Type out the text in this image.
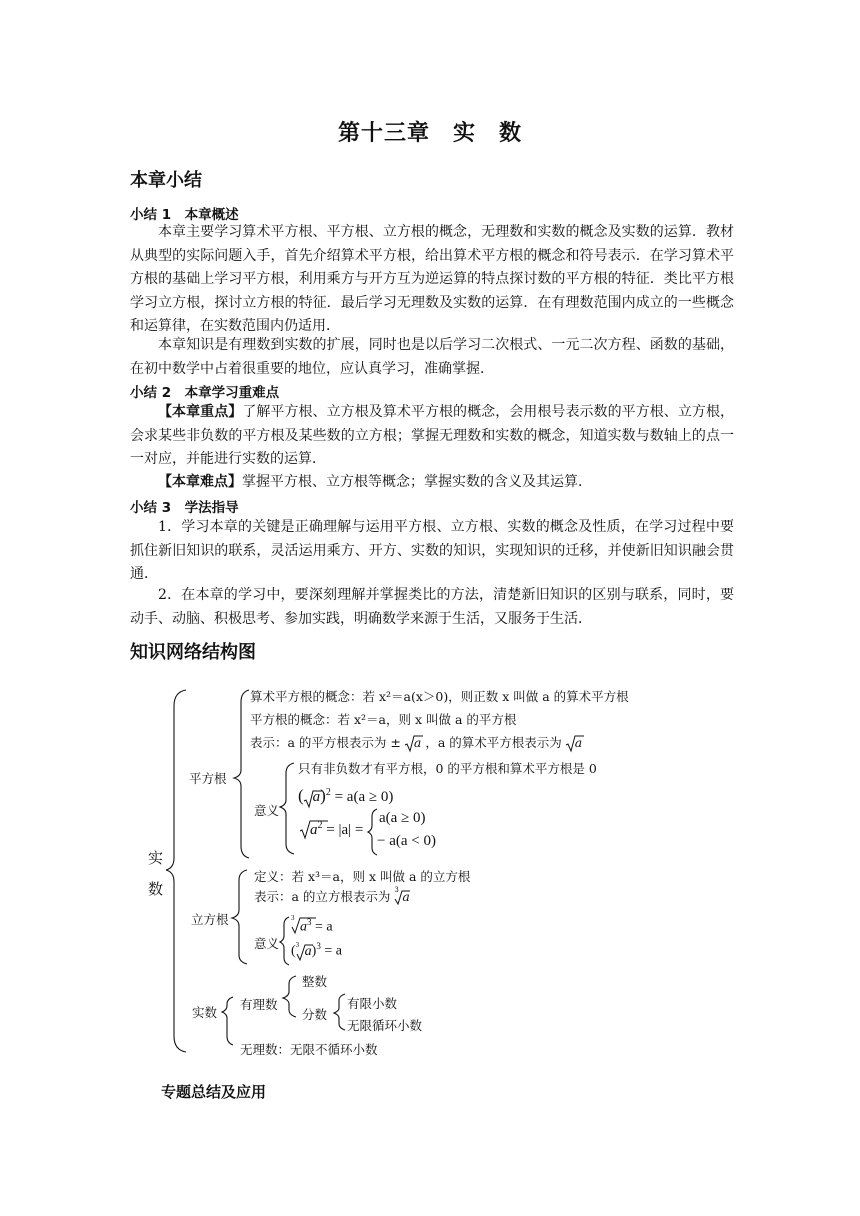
第十三章　实　数
本章小结
小结 1　本章概述
本章主要学习算术平方根、平方根、立方根的概念，无理数和实数的概念及实数的运算．教材从典型的实际问题入手，首先介绍算术平方根，给出算术平方根的概念和符号表示．在学习算术平方根的基础上学习平方根，利用乘方与开方互为逆运算的特点探讨数的平方根的特征．类比平方根学习立方根，探讨立方根的特征．最后学习无理数及实数的运算．在有理数范围内成立的一些概念和运算律，在实数范围内仍适用．
本章知识是有理数到实数的扩展，同时也是以后学习二次根式、一元二次方程、函数的基础，在初中数学中占着很重要的地位，应认真学习，准确掌握．
小结 2　本章学习重难点
【本章重点】了解平方根、立方根及算术平方根的概念，会用根号表示数的平方根、立方根，会求某些非负数的平方根及某些数的立方根；掌握无理数和实数的概念，知道实数与数轴上的点一一对应，并能进行实数的运算．
【本章难点】掌握平方根、立方根等概念；掌握实数的含义及其运算．
小结 3　学法指导
1．学习本章的关键是正确理解与运用平方根、立方根、实数的概念及性质，在学习过程中要抓住新旧知识的联系，灵活运用乘方、开方、实数的知识，实现知识的迁移，并使新旧知识融会贯通．
2．在本章的学习中，要深刻理解并掌握类比的方法，清楚新旧知识的区别与联系，同时，要动手、动脑、积极思考、参加实践，明确数学来源于生活，又服务于生活．
知识网络结构图
实
数
平方根
算术平方根的概念：若 x²＝a(x＞0)，则正数 x 叫做 a 的算术平方根
平方根的概念：若 x²＝a，则 x 叫做 a 的平方根
表示：a 的平方根表示为 ± a ，a 的算术平方根表示为 a
意义
只有非负数才有平方根，0 的平方根和算术平方根是 0
( a)$^2$ = a(a ≥ 0)
$a^2 = |a|$ =
a(a ≥ 0)
− a(a < 0)
立方根
定义：若 x³＝a，则 x 叫做 a 的立方根
表示：a 的立方根表示为 3 a
意义
3
$a^3 = a$
( 3 a)$^3$ = a
实数
有理数
整数
分数
有限小数
无限循环小数
无理数：无限不循环小数
专题总结及应用
